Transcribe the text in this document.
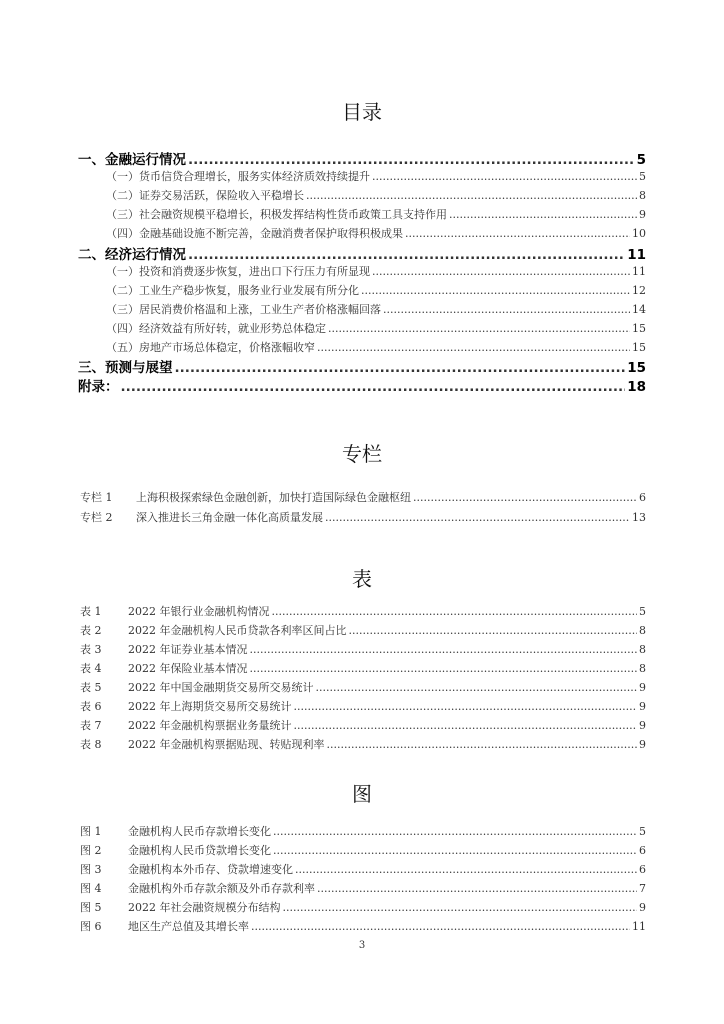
目录
一、金融运行情况 .....	5
（一）货币信贷合理增长，服务实体经济质效持续提升 .....	5
（二）证券交易活跃，保险收入平稳增长 .....	8
（三）社会融资规模平稳增长，积极发挥结构性货币政策工具支持作用 .....	9
（四）金融基础设施不断完善，金融消费者保护取得积极成果 .....	10
二、经济运行情况 .....	11
（一）投资和消费逐步恢复，进出口下行压力有所显现 .....	11
（二）工业生产稳步恢复，服务业行业发展有所分化 .....	12
（三）居民消费价格温和上涨，工业生产者价格涨幅回落 .....	14
（四）经济效益有所好转，就业形势总体稳定 .....	15
（五）房地产市场总体稳定，价格涨幅收窄 .....	15
三、预测与展望 .....	15
附录： .....	18
专栏
专栏 1	上海积极探索绿色金融创新，加快打造国际绿色金融枢纽 .....	6
专栏 2	深入推进长三角金融一体化高质量发展 .....	13
表
表 1	2022 年银行业金融机构情况 .....	5
表 2	2022 年金融机构人民币贷款各利率区间占比 .....	8
表 3	2022 年证券业基本情况 .....	8
表 4	2022 年保险业基本情况 .....	8
表 5	2022 年中国金融期货交易所交易统计 .....	9
表 6	2022 年上海期货交易所交易统计 .....	9
表 7	2022 年金融机构票据业务量统计 .....	9
表 8	2022 年金融机构票据贴现、转贴现利率 .....	9
图
图 1	金融机构人民币存款增长变化 .....	5
图 2	金融机构人民币贷款增长变化 .....	6
图 3	金融机构本外币存、贷款增速变化 .....	6
图 4	金融机构外币存款余额及外币存款利率 .....	7
图 5	2022 年社会融资规模分布结构 .....	9
图 6	地区生产总值及其增长率 .....	11
3
